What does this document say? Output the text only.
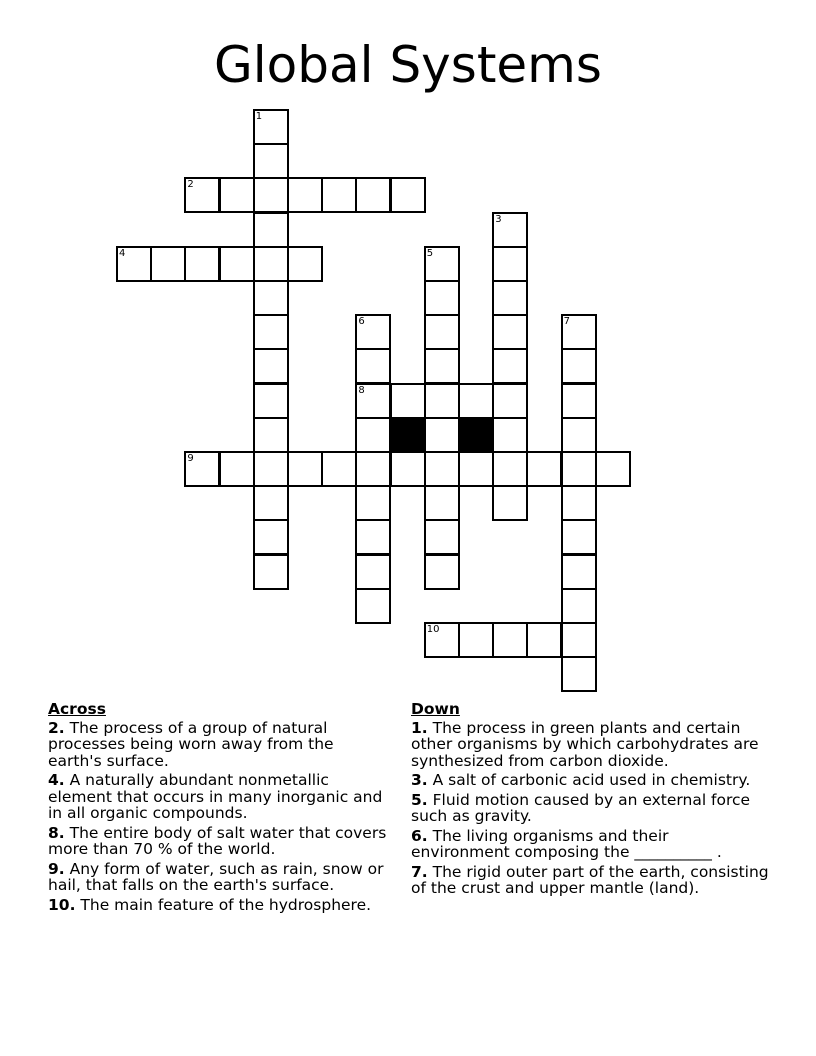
Global Systems
1
2
3
4	5
6
8
7
9
10
Across
2. The process of a group of natural processes being worn away from the earth's surface.
4. A naturally abundant nonmetallic element that occurs in many inorganic and in all organic compounds.
8. The entire body of salt water that covers more than 70 % of the world.
9. Any form of water, such as rain, snow or hail, that falls on the earth's surface.
10. The main feature of the hydrosphere.
Down
1. The process in green plants and certain other organisms by which carbohydrates are synthesized from carbon dioxide.
3. A salt of carbonic acid used in chemistry.
5. Fluid motion caused by an external force such as gravity.
6. The living organisms and their environment composing the __________ .
7. The rigid outer part of the earth, consisting of the crust and upper mantle (land).
